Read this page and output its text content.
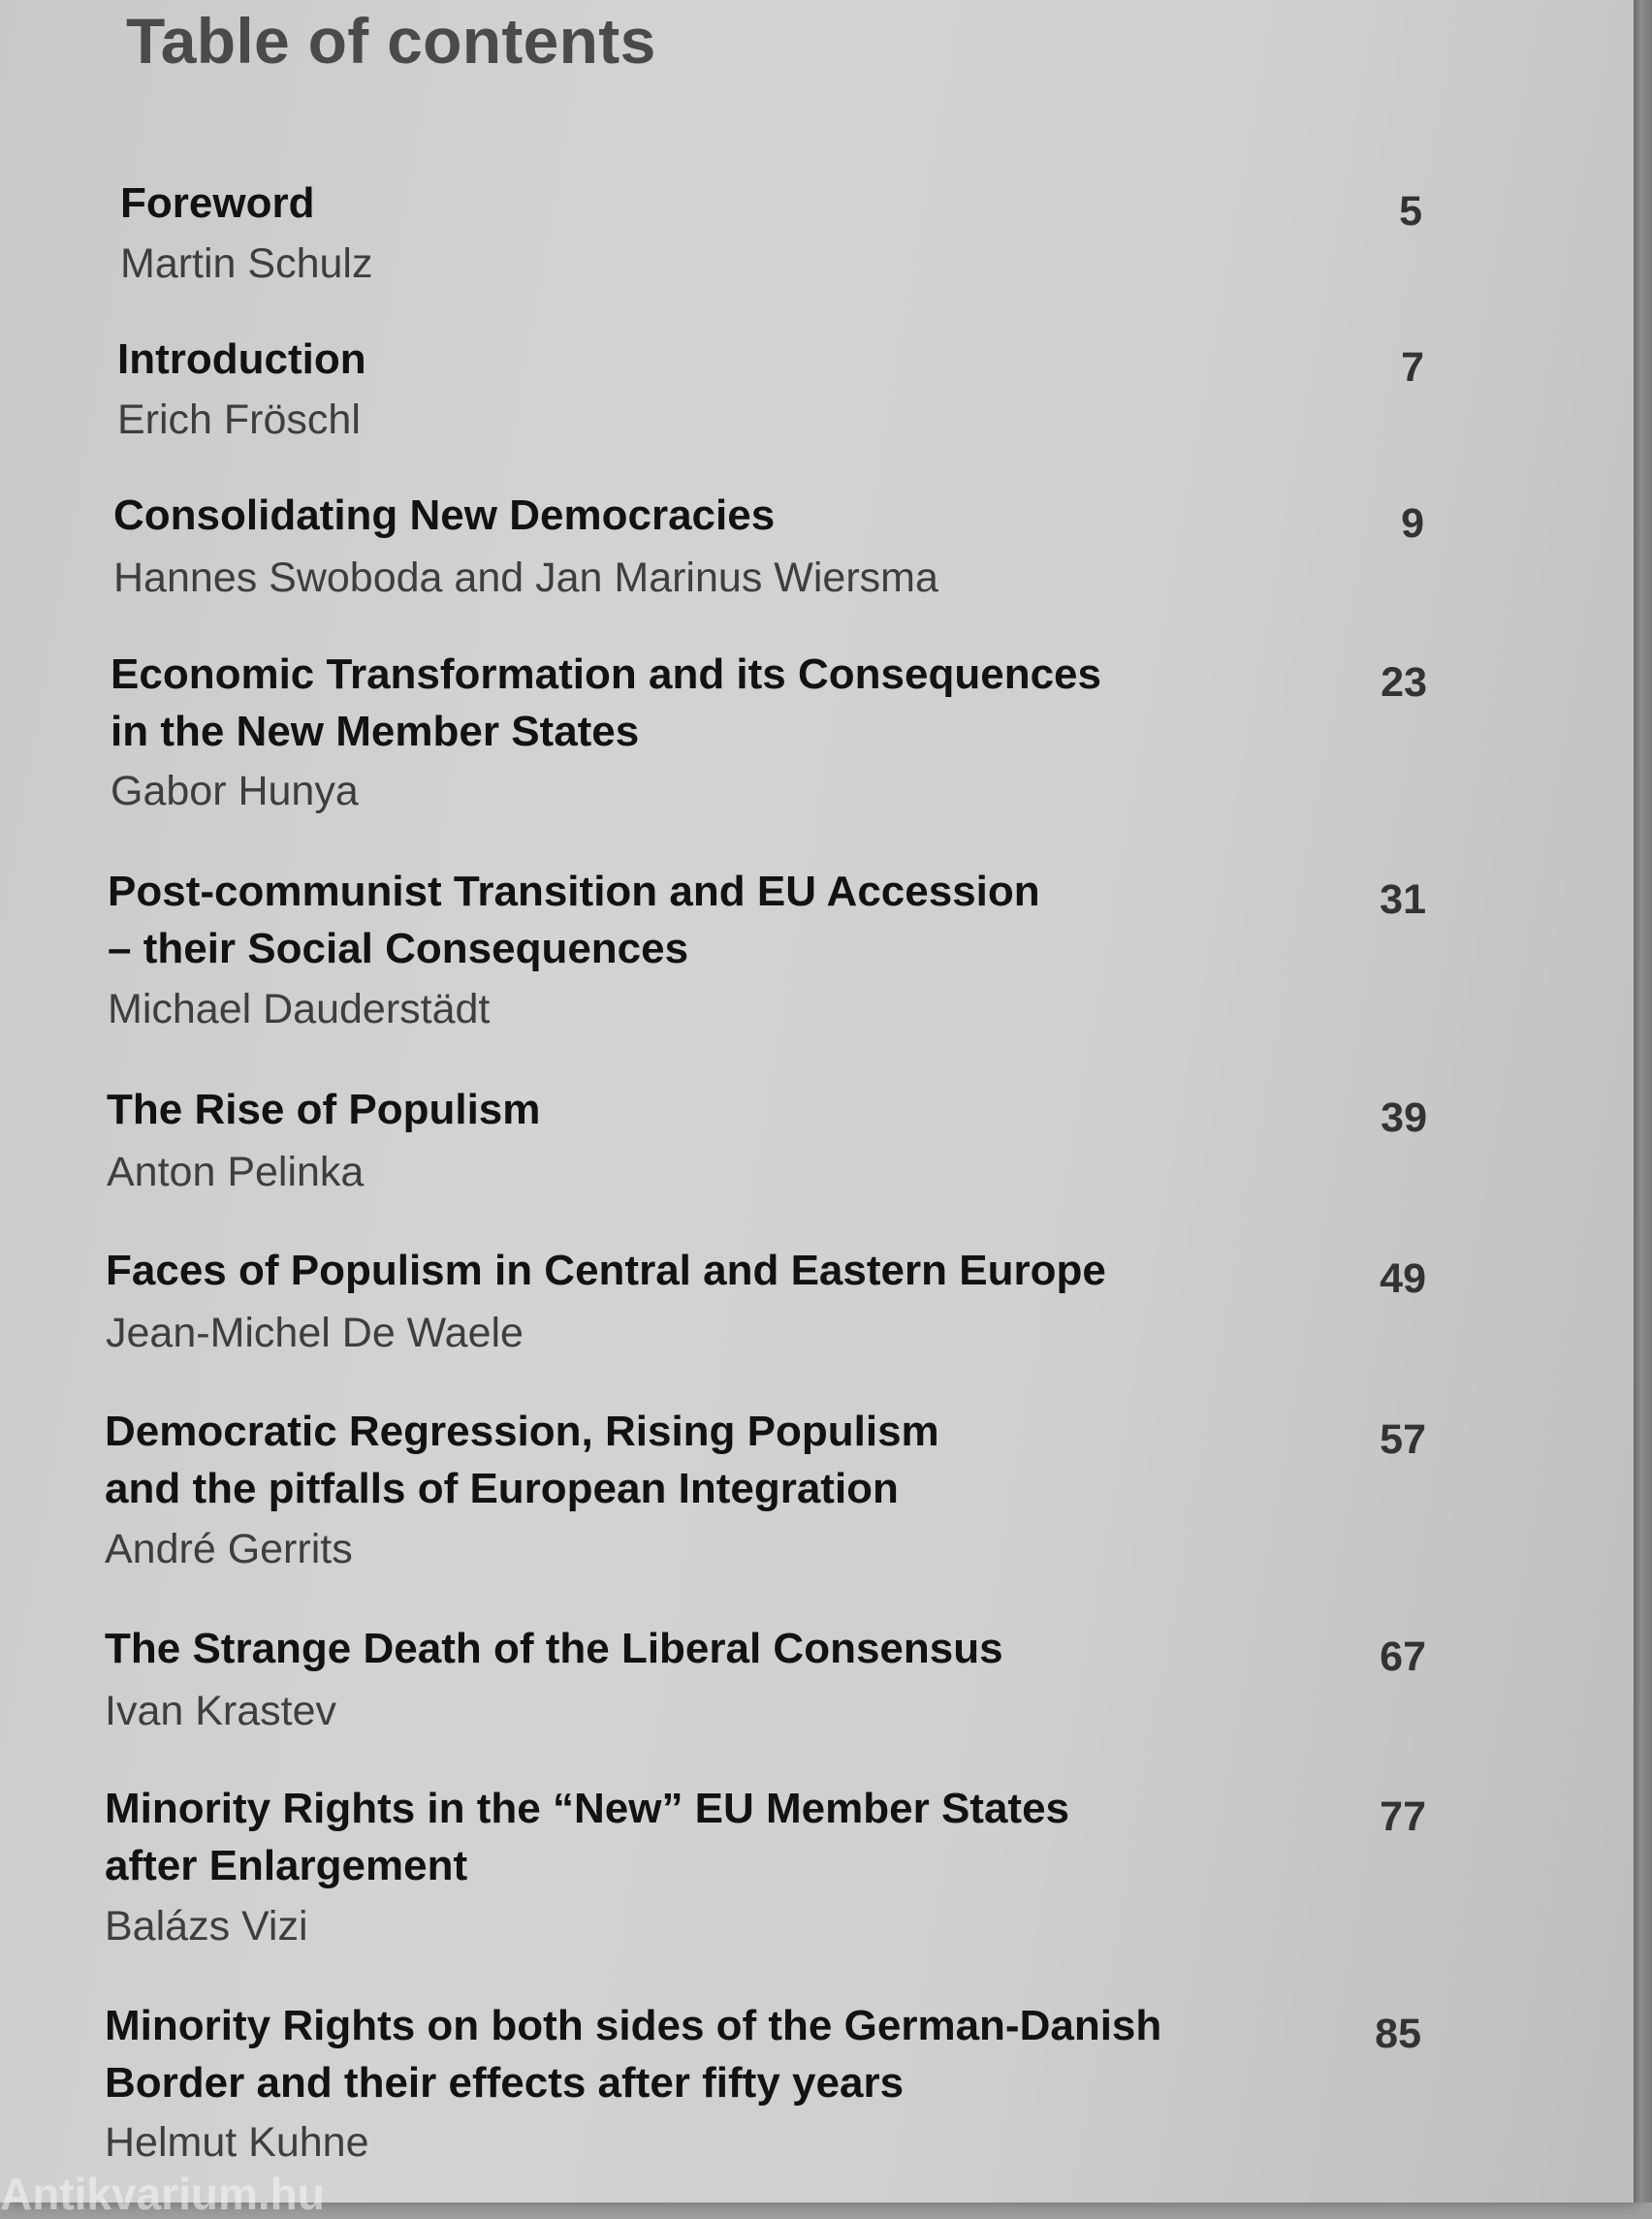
Table of contents
Foreword
Martin Schulz
5
Introduction
Erich Fröschl
7
Consolidating New Democracies
Hannes Swoboda and Jan Marinus Wiersma
9
Economic Transformation and its Consequences
in the New Member States
Gabor Hunya
23
Post-communist Transition and EU Accession
– their Social Consequences
Michael Dauderstädt
31
The Rise of Populism
Anton Pelinka
39
Faces of Populism in Central and Eastern Europe
Jean-Michel De Waele
49
Democratic Regression, Rising Populism
and the pitfalls of European Integration
André Gerrits
57
The Strange Death of the Liberal Consensus
Ivan Krastev
67
Minority Rights in the “New” EU Member States
after Enlargement
Balázs Vizi
77
Minority Rights on both sides of the German-Danish
Border and their effects after fifty years
Helmut Kuhne
85
Antikvarium.hu
